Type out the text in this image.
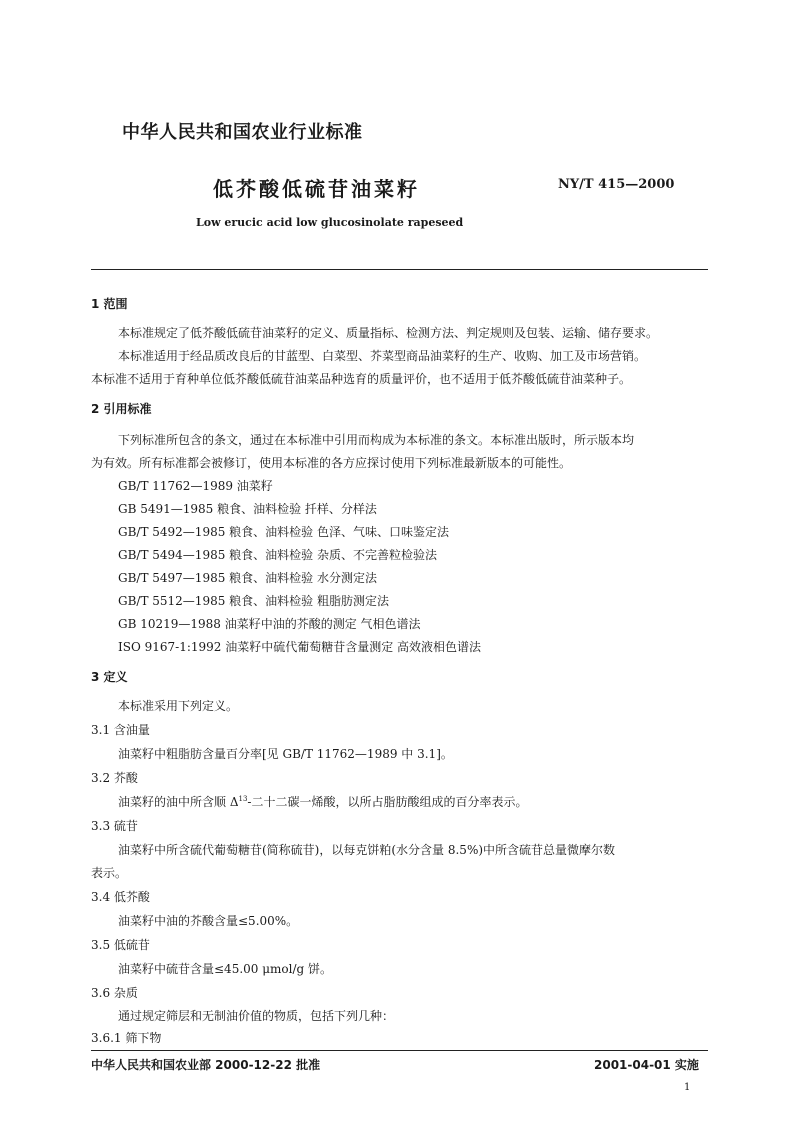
中华人民共和国农业行业标准
低芥酸低硫苷油菜籽	NY/T 415—2000
Low erucic acid low glucosinolate rapeseed
1 范围
本标准规定了低芥酸低硫苷油菜籽的定义、质量指标、检测方法、判定规则及包装、运输、储存要求。
本标准适用于经品质改良后的甘蓝型、白菜型、芥菜型商品油菜籽的生产、收购、加工及市场营销。
本标准不适用于育种单位低芥酸低硫苷油菜品种选育的质量评价，也不适用于低芥酸低硫苷油菜种子。
2 引用标准
下列标准所包含的条文，通过在本标准中引用而构成为本标准的条文。本标准出版时，所示版本均
为有效。所有标准都会被修订，使用本标准的各方应探讨使用下列标准最新版本的可能性。
GB/T 11762—1989 油菜籽
GB 5491—1985 粮食、油料检验 扦样、分样法
GB/T 5492—1985 粮食、油料检验 色泽、气味、口味鉴定法
GB/T 5494—1985 粮食、油料检验 杂质、不完善粒检验法
GB/T 5497—1985 粮食、油料检验 水分测定法
GB/T 5512—1985 粮食、油料检验 粗脂肪测定法
GB 10219—1988 油菜籽中油的芥酸的测定 气相色谱法
ISO 9167-1:1992 油菜籽中硫代葡萄糖苷含量测定 高效液相色谱法
3 定义
本标准采用下列定义。
3.1 含油量
油菜籽中粗脂肪含量百分率[见 GB/T 11762—1989 中 3.1]。
3.2 芥酸
油菜籽的油中所含顺 $\Delta^{13}-$二十二碳一烯酸，以所占脂肪酸组成的百分率表示。
3.3 硫苷
油菜籽中所含硫代葡萄糖苷(简称硫苷)，以每克饼粕(水分含量 8.5%)中所含硫苷总量微摩尔数
表示。
3.4 低芥酸
油菜籽中油的芥酸含量≤5.00%。
3.5 低硫苷
油菜籽中硫苷含量≤45.00 μmol/g 饼。
3.6 杂质
通过规定筛层和无制油价值的物质，包括下列几种：
3.6.1 筛下物
中华人民共和国农业部 2000-12-22 批准	2001-04-01 实施
1
